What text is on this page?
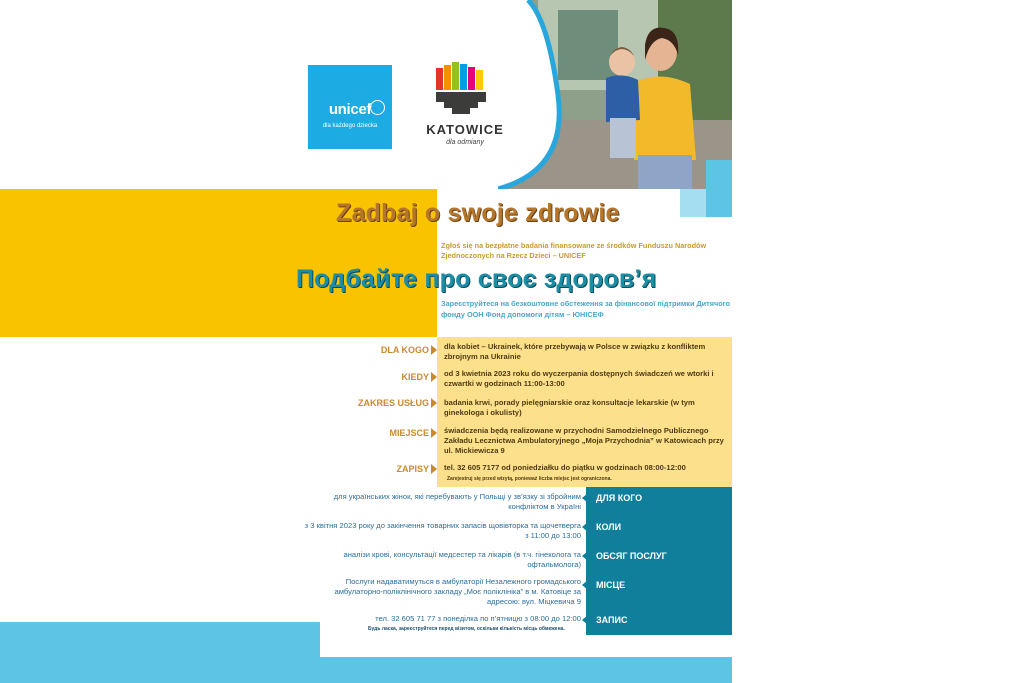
unicef
dla każdego dziecka	KATOWICE
dla odmiany
Zadbaj o swoje zdrowie
Zgłoś się na bezpłatne badania finansowane ze środków Funduszu Narodów Zjednoczonych na Rzecz Dzieci – UNICEF
Подбайте про своє здоров’я
Зареєструйтеся на безкоштовне обстеження за фінансової підтримки Дитячого фонду ООН Фонд допомоги дітям – ЮНІСЕФ
DLA KOGO dla kobiet – Ukrainek, które przebywają w Polsce w związku z konfliktem zbrojnym na Ukrainie
KIEDY od 3 kwietnia 2023 roku do wyczerpania dostępnych świadczeń we wtorki i czwartki w godzinach 11:00-13:00
ZAKRES USŁUG badania krwi, porady pielęgniarskie oraz konsultacje lekarskie (w tym ginekologa i okulisty)
MIEJSCE świadczenia będą realizowane w przychodni Samodzielnego Publicznego Zakładu Lecznictwa Ambulatoryjnego „Moja Przychodnia” w Katowicach przy ul. Mickiewicza 9
ZAPISY tel. 32 605 7177 od poniedziałku do piątku w godzinach 08:00-12:00
Zarejestruj się przed wizytą, ponieważ liczba miejsc jest ograniczona.
ДЛЯ КОГО
для українських жінок, які перебувають у Польщі у зв’язку зі збройним конфліктом в Україні
КОЛИ
з 3 квітня 2023 року до закінчення товарних запасів щовівторка та щочетверга з 11:00 до 13:00
ОБСЯГ ПОСЛУГ
аналізи крові, консультації медсестер та лікарів (в т.ч. гінеколога та офтальмолога)
МІСЦЕ
Послуги надаватимуться в амбулаторії Незалежного громадського амбулаторно-поліклінічного закладу „Моє поліклініка” в м. Катовіце за адресою: вул. Міцкевича 9
ЗАПИС
тел. 32 605 71 77 з понеділка по п’ятницю з 08:00 до 12:00
Будь ласка, зареєструйтеся перед візитом, оскільки кількість місць обмежена.
